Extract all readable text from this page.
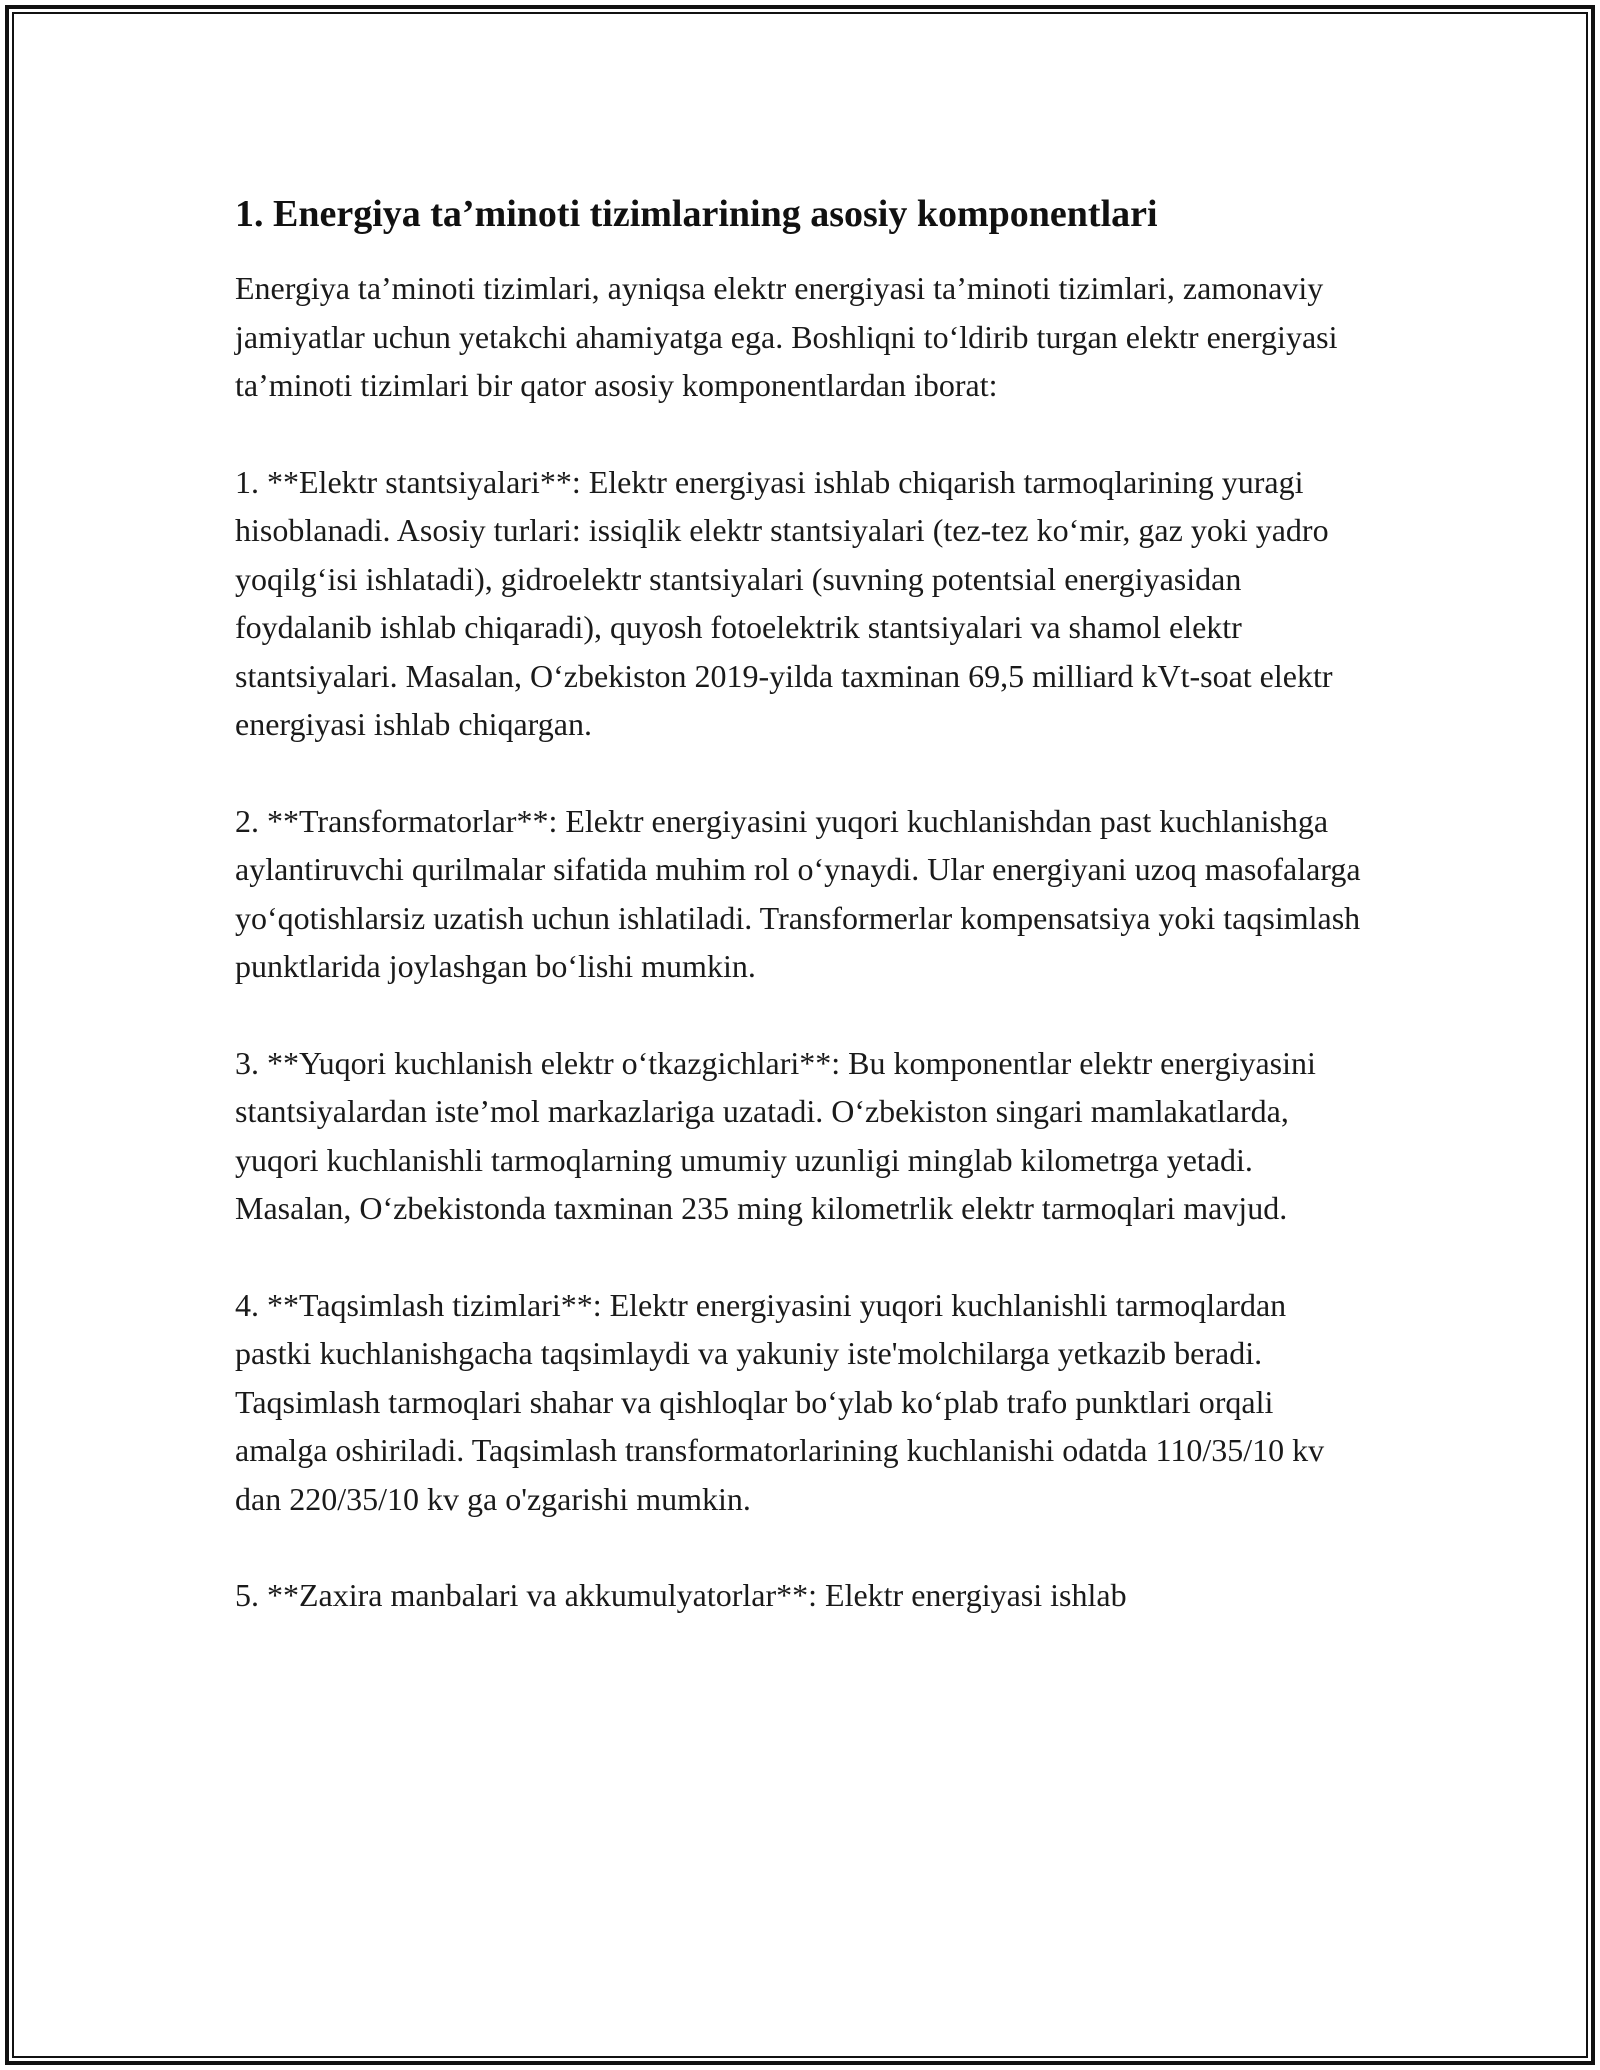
1. Energiya ta’minoti tizimlarining asosiy komponentlari

Energiya ta’minoti tizimlari, ayniqsa elektr energiyasi ta’minoti tizimlari, zamonaviy jamiyatlar uchun yetakchi ahamiyatga ega. Boshliqni to‘ldirib turgan elektr energiyasi ta’minoti tizimlari bir qator asosiy komponentlardan iborat:

1. **Elektr stantsiyalari**: Elektr energiyasi ishlab chiqarish tarmoqlarining yuragi hisoblanadi. Asosiy turlari: issiqlik elektr stantsiyalari (tez-tez ko‘mir, gaz yoki yadro yoqilg‘isi ishlatadi), gidroelektr stantsiyalari (suvning potentsial energiyasidan foydalanib ishlab chiqaradi), quyosh fotoelektrik stantsiyalari va shamol elektr stantsiyalari. Masalan, O‘zbekiston 2019-yilda taxminan 69,5 milliard kVt-soat elektr energiyasi ishlab chiqargan.

2. **Transformatorlar**: Elektr energiyasini yuqori kuchlanishdan past kuchlanishga aylantiruvchi qurilmalar sifatida muhim rol o‘ynaydi. Ular energiyani uzoq masofalarga yo‘qotishlarsiz uzatish uchun ishlatiladi. Transformerlar kompensatsiya yoki taqsimlash punktlarida joylashgan bo‘lishi mumkin.

3. **Yuqori kuchlanish elektr o‘tkazgichlari**: Bu komponentlar elektr energiyasini stantsiyalardan iste’mol markazlariga uzatadi. O‘zbekiston singari mamlakatlarda, yuqori kuchlanishli tarmoqlarning umumiy uzunligi minglab kilometrga yetadi. Masalan, O‘zbekistonda taxminan 235 ming kilometrlik elektr tarmoqlari mavjud.

4. **Taqsimlash tizimlari**: Elektr energiyasini yuqori kuchlanishli tarmoqlardan pastki kuchlanishgacha taqsimlaydi va yakuniy iste'molchilarga yetkazib beradi. Taqsimlash tarmoqlari shahar va qishloqlar bo‘ylab ko‘plab trafo punktlari orqali amalga oshiriladi. Taqsimlash transformatorlarining kuchlanishi odatda 110/35/10 kv dan 220/35/10 kv ga o'zgarishi mumkin.

5. **Zaxira manbalari va akkumulyatorlar**: Elektr energiyasi ishlab
